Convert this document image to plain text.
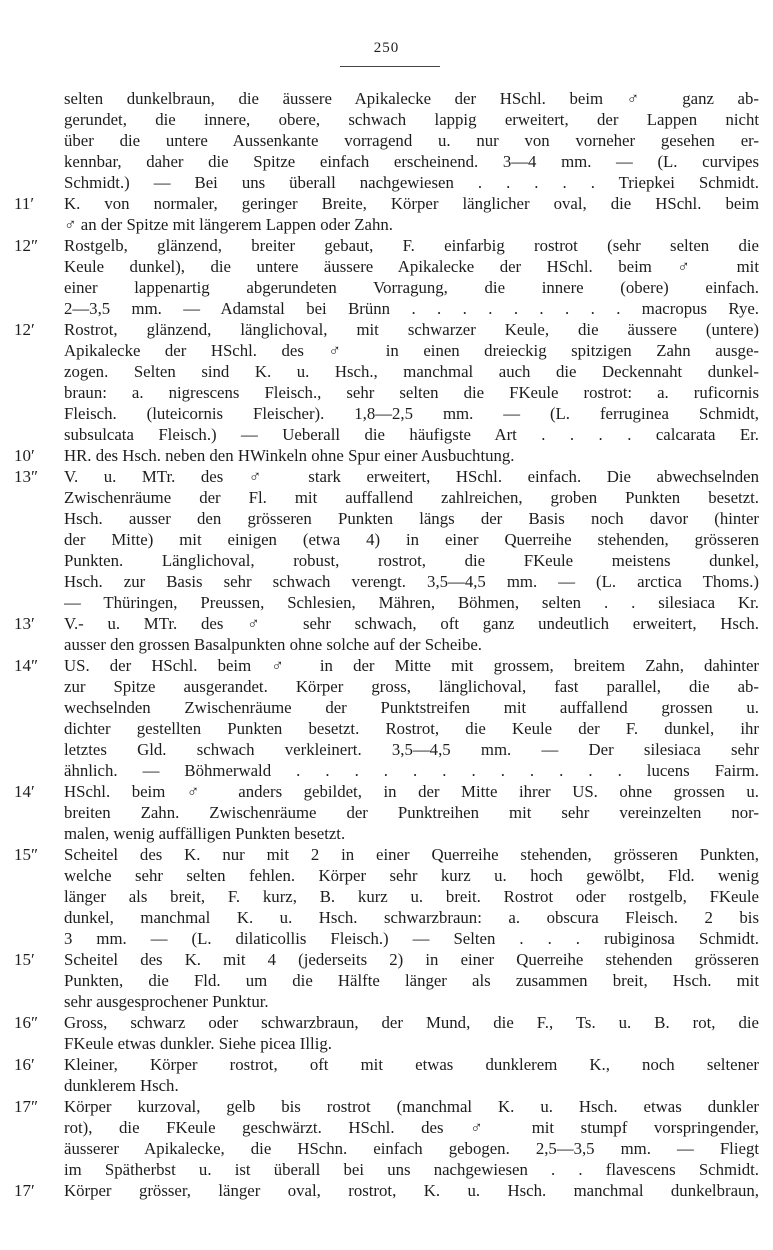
250
selten dunkelbraun, die äussere Apikalecke der HSchl. beim ♂ ganz ab-
gerundet, die innere, obere, schwach lappig erweitert, der Lappen nicht
über die untere Aussenkante vorragend u. nur von vorneher gesehen er-
kennbar, daher die Spitze einfach erscheinend. 3—4 mm. — (L. curvipes
Schmidt.) — Bei uns überall nachgewiesen . . . . . Triepkei Schmidt.
11′	K. von normaler, geringer Breite, Körper länglicher oval, die HSchl. beim
♂ an der Spitze mit längerem Lappen oder Zahn.
12″	Rostgelb, glänzend, breiter gebaut, F. einfarbig rostrot (sehr selten die
Keule dunkel), die untere äussere Apikalecke der HSchl. beim ♂ mit
einer lappenartig abgerundeten Vorragung, die innere (obere) einfach.
2—3,5 mm. — Adamstal bei Brünn . . . . . . . . . macropus Rye.
12′	Rostrot, glänzend, länglichoval, mit schwarzer Keule, die äussere (untere)
Apikalecke der HSchl. des ♂ in einen dreieckig spitzigen Zahn ausge-
zogen. Selten sind K. u. Hsch., manchmal auch die Deckennaht dunkel-
braun: a. nigrescens Fleisch., sehr selten die FKeule rostrot: a. ruficornis
Fleisch. (luteicornis Fleischer). 1,8—2,5 mm. — (L. ferruginea Schmidt,
subsulcata Fleisch.) — Ueberall die häufigste Art . . . . calcarata Er.
10′	HR. des Hsch. neben den HWinkeln ohne Spur einer Ausbuchtung.
13″	V. u. MTr. des ♂ stark erweitert, HSchl. einfach. Die abwechselnden
Zwischenräume der Fl. mit auffallend zahlreichen, groben Punkten besetzt.
Hsch. ausser den grösseren Punkten längs der Basis noch davor (hinter
der Mitte) mit einigen (etwa 4) in einer Querreihe stehenden, grösseren
Punkten. Länglichoval, robust, rostrot, die FKeule meistens dunkel,
Hsch. zur Basis sehr schwach verengt. 3,5—4,5 mm. — (L. arctica Thoms.)
— Thüringen, Preussen, Schlesien, Mähren, Böhmen, selten . . silesiaca Kr.
13′	V.- u. MTr. des ♂ sehr schwach, oft ganz undeutlich erweitert, Hsch.
ausser den grossen Basalpunkten ohne solche auf der Scheibe.
14″	US. der HSchl. beim ♂ in der Mitte mit grossem, breitem Zahn, dahinter
zur Spitze ausgerandet. Körper gross, länglichoval, fast parallel, die ab-
wechselnden Zwischenräume der Punktstreifen mit auffallend grossen u.
dichter gestellten Punkten besetzt. Rostrot, die Keule der F. dunkel, ihr
letztes Gld. schwach verkleinert. 3,5—4,5 mm. — Der silesiaca sehr
ähnlich. — Böhmerwald . . . . . . . . . . . . lucens Fairm.
14′	HSchl. beim ♂ anders gebildet, in der Mitte ihrer US. ohne grossen u.
breiten Zahn. Zwischenräume der Punktreihen mit sehr vereinzelten nor-
malen, wenig auffälligen Punkten besetzt.
15″	Scheitel des K. nur mit 2 in einer Querreihe stehenden, grösseren Punkten,
welche sehr selten fehlen. Körper sehr kurz u. hoch gewölbt, Fld. wenig
länger als breit, F. kurz, B. kurz u. breit. Rostrot oder rostgelb, FKeule
dunkel, manchmal K. u. Hsch. schwarzbraun: a. obscura Fleisch. 2 bis
3 mm. — (L. dilaticollis Fleisch.) — Selten . . . rubiginosa Schmidt.
15′	Scheitel des K. mit 4 (jederseits 2) in einer Querreihe stehenden grösseren
Punkten, die Fld. um die Hälfte länger als zusammen breit, Hsch. mit
sehr ausgesprochener Punktur.
16″	Gross, schwarz oder schwarzbraun, der Mund, die F., Ts. u. B. rot, die
FKeule etwas dunkler. Siehe picea Illig.
16′	Kleiner, Körper rostrot, oft mit etwas dunklerem K., noch seltener
dunklerem Hsch.
17″	Körper kurzoval, gelb bis rostrot (manchmal K. u. Hsch. etwas dunkler
rot), die FKeule geschwärzt. HSchl. des ♂ mit stumpf vorspringender,
äusserer Apikalecke, die HSchn. einfach gebogen. 2,5—3,5 mm. — Fliegt
im Spätherbst u. ist überall bei uns nachgewiesen . . flavescens Schmidt.
17′	Körper grösser, länger oval, rostrot, K. u. Hsch. manchmal dunkelbraun,
